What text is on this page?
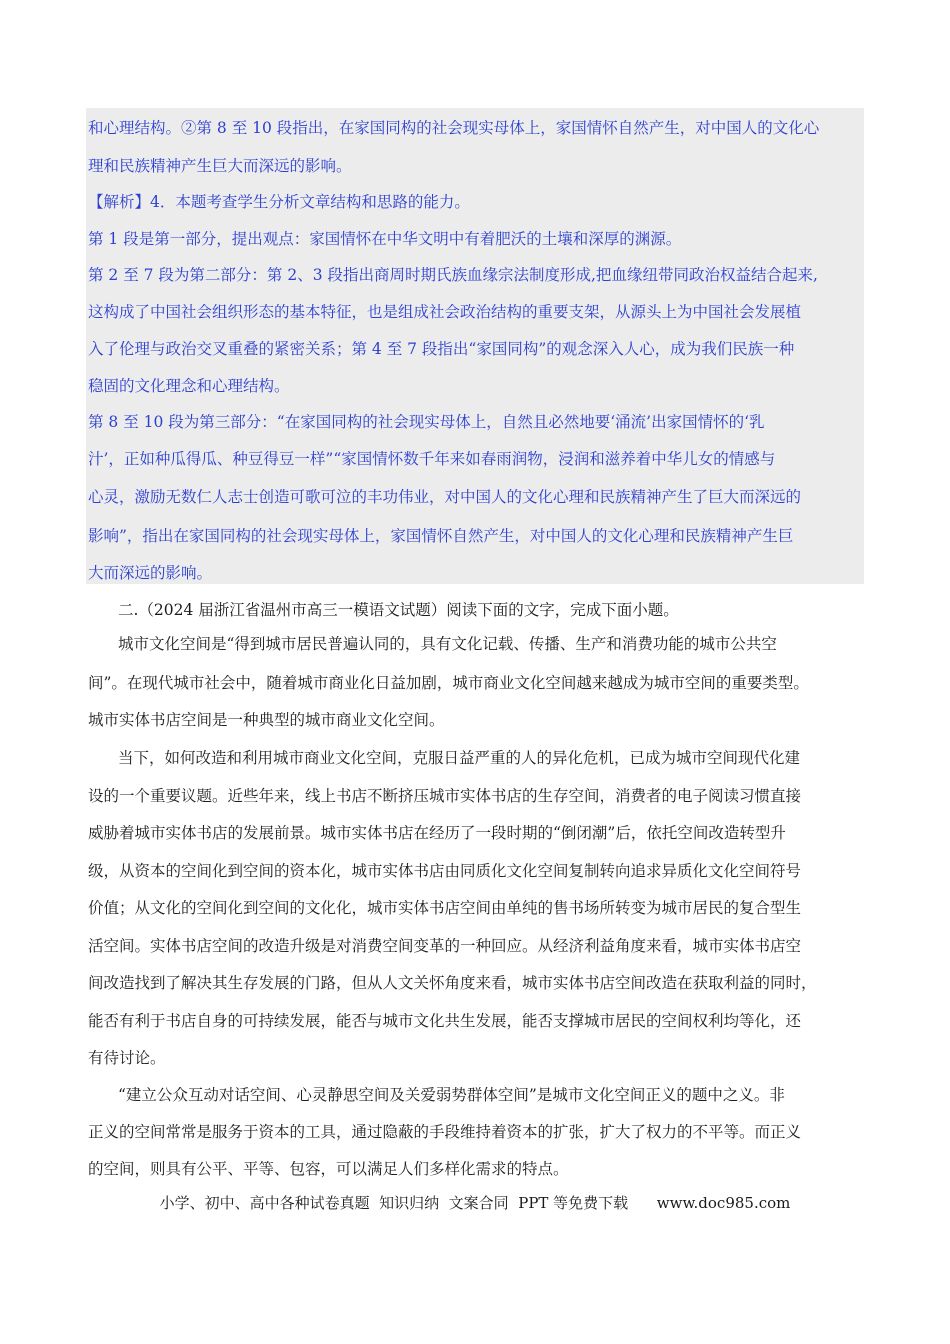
和心理结构。②第 8 至 10 段指出，在家国同构的社会现实母体上，家国情怀自然产生，对中国人的文化心
理和民族精神产生巨大而深远的影响。
【解析】4．本题考查学生分析文章结构和思路的能力。
第 1 段是第一部分，提出观点：家国情怀在中华文明中有着肥沃的土壤和深厚的渊源。
第 2 至 7 段为第二部分：第 2、3 段指出商周时期氏族血缘宗法制度形成,把血缘纽带同政治权益结合起来,
这构成了中国社会组织形态的基本特征，也是组成社会政治结构的重要支架，从源头上为中国社会发展植
入了伦理与政治交叉重叠的紧密关系；第 4 至 7 段指出“家国同构”的观念深入人心，成为我们民族一种
稳固的文化理念和心理结构。
第 8 至 10 段为第三部分：“在家国同构的社会现实母体上，自然且必然地要‘涌流’出家国情怀的‘乳
汁’，正如种瓜得瓜、种豆得豆一样”“家国情怀数千年来如春雨润物，浸润和滋养着中华儿女的情感与
心灵，激励无数仁人志士创造可歌可泣的丰功伟业，对中国人的文化心理和民族精神产生了巨大而深远的
影响”，指出在家国同构的社会现实母体上，家国情怀自然产生，对中国人的文化心理和民族精神产生巨
大而深远的影响。
二.（2024 届浙江省温州市高三一模语文试题）阅读下面的文字，完成下面小题。
城市文化空间是“得到城市居民普遍认同的，具有文化记载、传播、生产和消费功能的城市公共空
间”。在现代城市社会中，随着城市商业化日益加剧，城市商业文化空间越来越成为城市空间的重要类型。
城市实体书店空间是一种典型的城市商业文化空间。
当下，如何改造和利用城市商业文化空间，克服日益严重的人的异化危机，已成为城市空间现代化建
设的一个重要议题。近些年来，线上书店不断挤压城市实体书店的生存空间，消费者的电子阅读习惯直接
威胁着城市实体书店的发展前景。城市实体书店在经历了一段时期的“倒闭潮”后，依托空间改造转型升
级，从资本的空间化到空间的资本化，城市实体书店由同质化文化空间复制转向追求异质化文化空间符号
价值；从文化的空间化到空间的文化化，城市实体书店空间由单纯的售书场所转变为城市居民的复合型生
活空间。实体书店空间的改造升级是对消费空间变革的一种回应。从经济利益角度来看，城市实体书店空
间改造找到了解决其生存发展的门路，但从人文关怀角度来看，城市实体书店空间改造在获取利益的同时，
能否有利于书店自身的可持续发展，能否与城市文化共生发展，能否支撑城市居民的空间权利均等化，还
有待讨论。
“建立公众互动对话空间、心灵静思空间及关爱弱势群体空间”是城市文化空间正义的题中之义。非
正义的空间常常是服务于资本的工具，通过隐蔽的手段维持着资本的扩张，扩大了权力的不平等。而正义
的空间，则具有公平、平等、包容，可以满足人们多样化需求的特点。
小学、初中、高中各种试卷真题  知识归纳  文案合同  PPT 等免费下载      www.doc985.com
